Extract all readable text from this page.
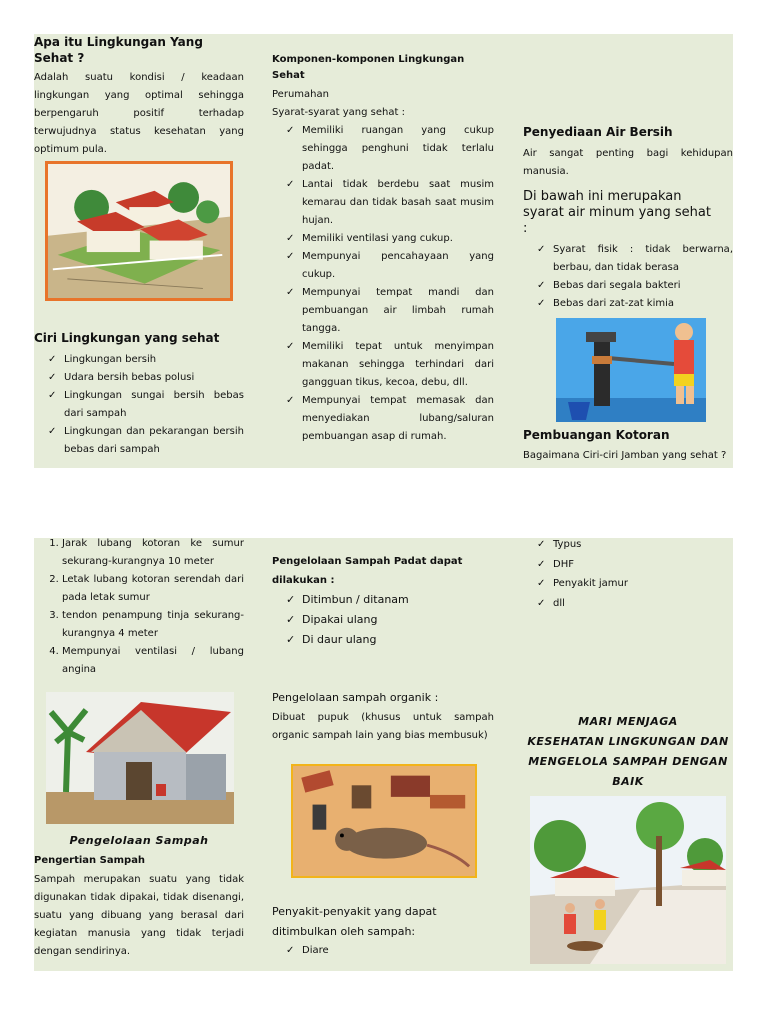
Apa itu Lingkungan Yang Sehat ?

Adalah suatu kondisi / keadaan lingkungan yang optimal sehingga berpengaruh positif terhadap terwujudnya status kesehatan yang optimum pula.

Ciri Lingkungan yang sehat
✓ Lingkungan bersih
✓ Udara bersih bebas polusi
✓ Lingkungan sungai bersih bebas dari sampah
✓ Lingkungan dan pekarangan bersih bebas dari sampah
Komponen-komponen Lingkungan Sehat
Perumahan
Syarat-syarat yang sehat :
✓ Memiliki ruangan yang cukup sehingga penghuni tidak terlalu padat.
✓ Lantai tidak berdebu saat musim kemarau dan tidak basah saat musim hujan.
✓ Memiliki ventilasi yang cukup.
✓ Mempunyai pencahayaan yang cukup.
✓ Mempunyai tempat mandi dan pembuangan air limbah rumah tangga.
✓ Memiliki tepat untuk menyimpan makanan sehingga terhindari dari gangguan tikus, kecoa, debu, dll.
✓ Mempunyai tempat memasak dan menyediakan lubang/saluran pembuangan asap di rumah.
Penyediaan Air Bersih

Air sangat penting bagi kehidupan manusia.

Di bawah ini merupakan syarat air minum yang sehat :
✓ Syarat fisik : tidak berwarna, berbau, dan tidak berasa
✓ Bebas dari segala bakteri
✓ Bebas dari zat-zat kimia
Pembuangan Kotoran
Bagaimana Ciri-ciri Jamban yang sehat ?
1. Jarak lubang kotoran ke sumur sekurang-kurangnya 10 meter
2. Letak lubang kotoran serendah dari pada letak sumur
3. tendon penampung tinja sekurang-kurangnya 4 meter
4. Mempunyai ventilasi / lubang angina
Pengelolaan Sampah
Pengertian Sampah

Sampah merupakan suatu yang tidak digunakan tidak dipakai, tidak disenangi, suatu yang dibuang yang berasal dari kegiatan manusia yang tidak terjadi dengan sendirinya.

Pengelolaan Sampah Padat dapat
dilakukan :
✓ Ditimbun / ditanam
✓ Dipakai ulang
✓ Di daur ulang
Pengelolaan sampah organik :

Dibuat pupuk (khusus untuk sampah organic sampah lain yang bias membusuk)

Penyakit-penyakit yang dapat ditimbulkan oleh sampah:
✓ Diare
✓ Typus
✓ DHF
✓ Penyakit jamur
✓ dll
MARI MENJAGA
KESEHATAN LINGKUNGAN DAN
MENGELOLA SAMPAH DENGAN
BAIK
